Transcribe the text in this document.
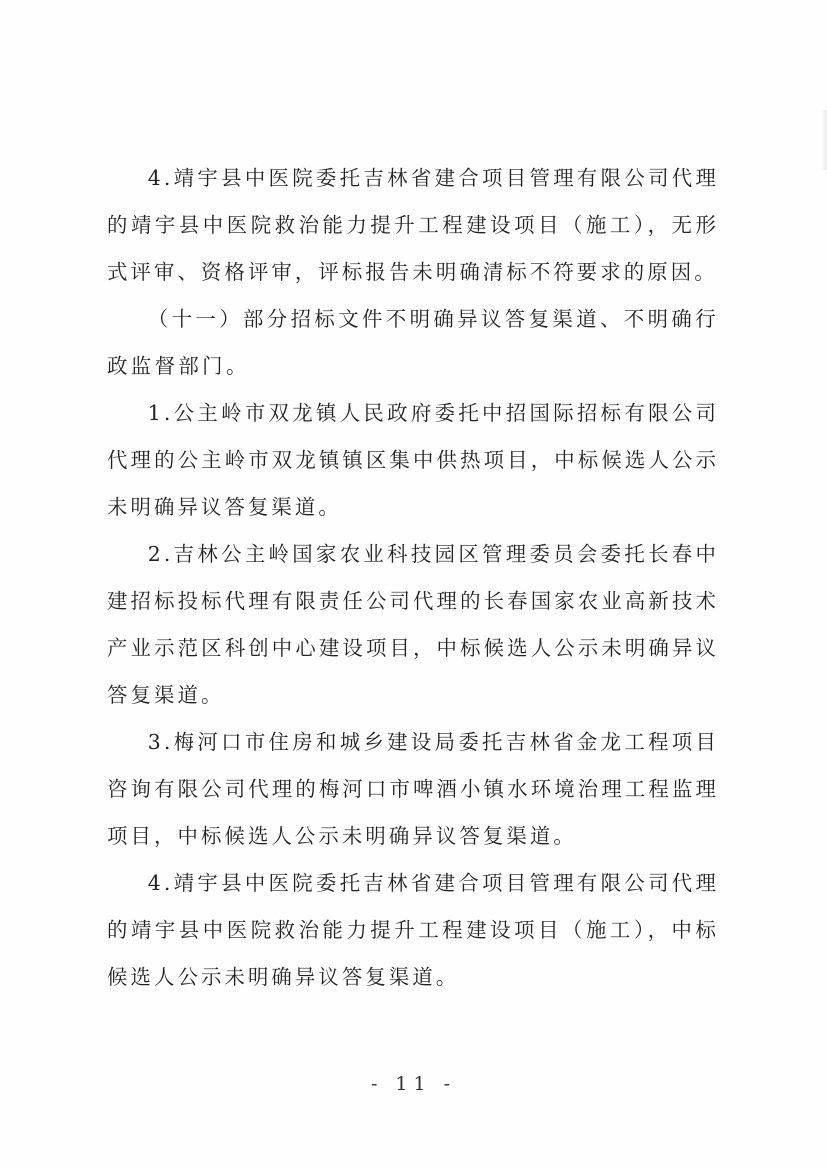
4.靖宇县中医院委托吉林省建合项目管理有限公司代理的靖宇县中医院救治能力提升工程建设项目（施工），无形式评审、资格评审，评标报告未明确清标不符要求的原因。

（十一）部分招标文件不明确异议答复渠道、不明确行政监督部门。

1.公主岭市双龙镇人民政府委托中招国际招标有限公司代理的公主岭市双龙镇镇区集中供热项目，中标候选人公示未明确异议答复渠道。

2.吉林公主岭国家农业科技园区管理委员会委托长春中建招标投标代理有限责任公司代理的长春国家农业高新技术产业示范区科创中心建设项目，中标候选人公示未明确异议答复渠道。

3.梅河口市住房和城乡建设局委托吉林省金龙工程项目咨询有限公司代理的梅河口市啤酒小镇水环境治理工程监理项目，中标候选人公示未明确异议答复渠道。

4.靖宇县中医院委托吉林省建合项目管理有限公司代理的靖宇县中医院救治能力提升工程建设项目（施工），中标候选人公示未明确异议答复渠道。

- 11 -
